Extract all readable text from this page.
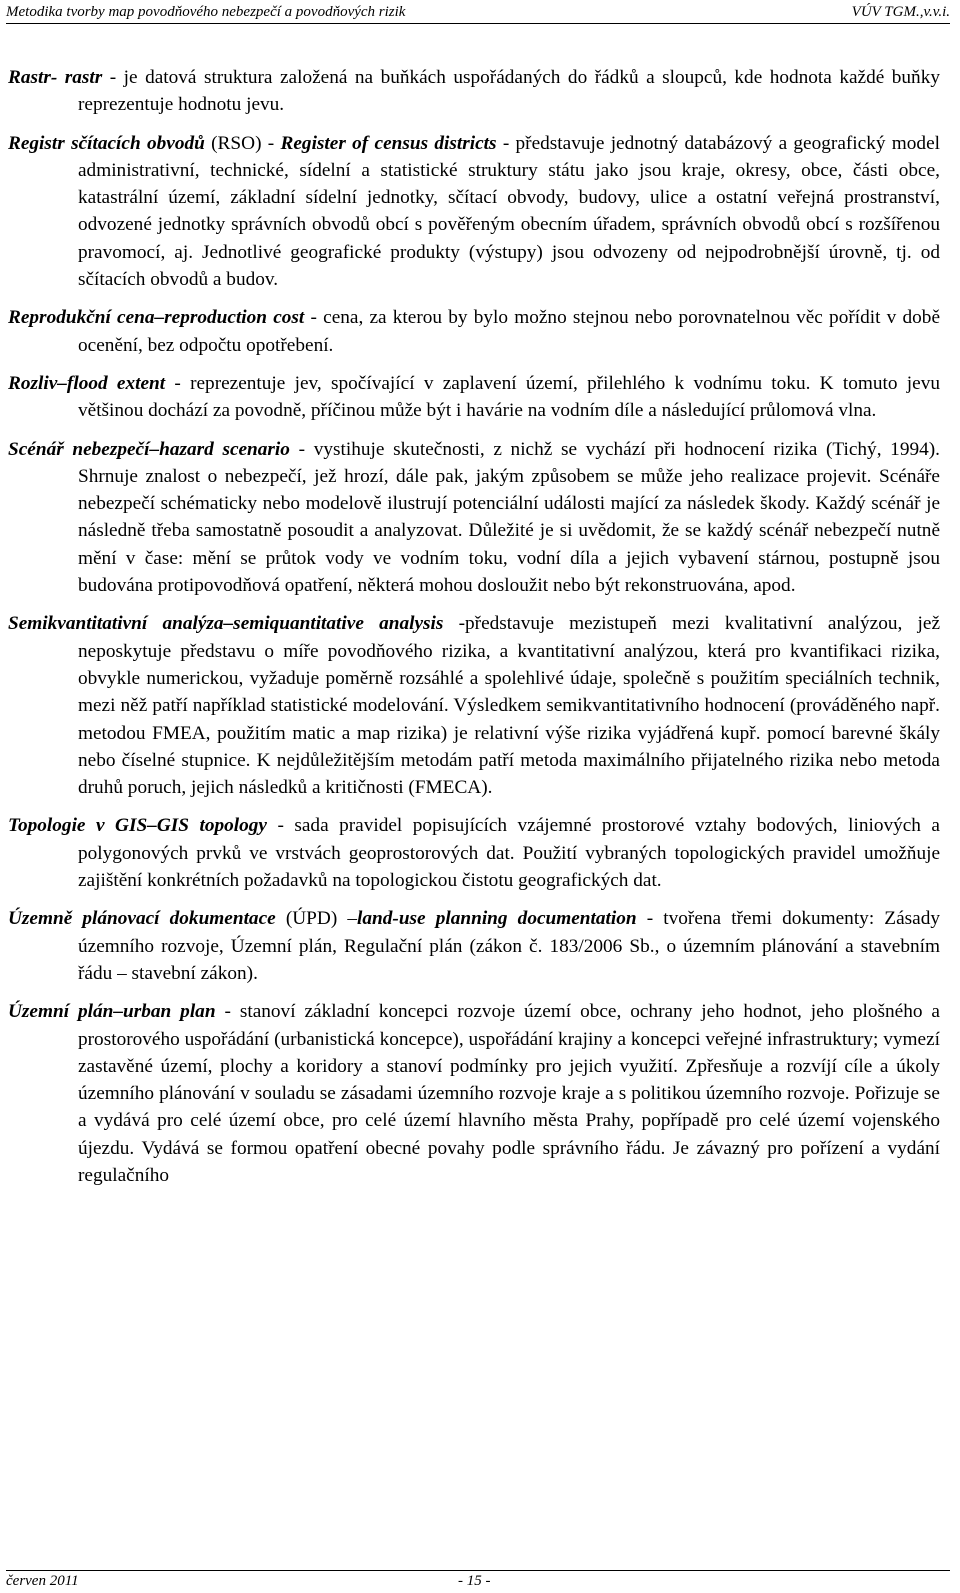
Metodika tvorby map povodňového nebezpečí a povodňových rizik	VÚV TGM.,v.v.i.

Rastr- rastr - je datová struktura založená na buňkách uspořádaných do řádků a sloupců, kde hodnota každé buňky reprezentuje hodnotu jevu.

Registr sčítacích obvodů (RSO) - Register of census districts - představuje jednotný databázový a geografický model administrativní, technické, sídelní a statistické struktury státu jako jsou kraje, okresy, obce, části obce, katastrální území, základní sídelní jednotky, sčítací obvody, budovy, ulice a ostatní veřejná prostranství, odvozené jednotky správních obvodů obcí s pověřeným obecním úřadem, správních obvodů obcí s rozšířenou pravomocí, aj. Jednotlivé geografické produkty (výstupy) jsou odvozeny od nejpodrobnější úrovně, tj. od sčítacích obvodů a budov.

Reprodukční cena–reproduction cost - cena, za kterou by bylo možno stejnou nebo porovnatelnou věc pořídit v době ocenění, bez odpočtu opotřebení.

Rozliv–flood extent - reprezentuje jev, spočívající v zaplavení území, přilehlého k vodnímu toku. K tomuto jevu většinou dochází za povodně, příčinou může být i havárie na vodním díle a následující průlomová vlna.

Scénář nebezpečí–hazard scenario - vystihuje skutečnosti, z nichž se vychází při hodnocení rizika (Tichý, 1994). Shrnuje znalost o nebezpečí, jež hrozí, dále pak, jakým způsobem se může jeho realizace projevit. Scénáře nebezpečí schématicky nebo modelově ilustrují potenciální události mající za následek škody. Každý scénář je následně třeba samostatně posoudit a analyzovat. Důležité je si uvědomit, že se každý scénář nebezpečí nutně mění v čase: mění se průtok vody ve vodním toku, vodní díla a jejich vybavení stárnou, postupně jsou budována protipovodňová opatření, některá mohou dosloužit nebo být rekonstruována, apod.

Semikvantitativní analýza–semiquantitative analysis -představuje mezistupeň mezi kvalitativní analýzou, jež neposkytuje představu o míře povodňového rizika, a kvantitativní analýzou, která pro kvantifikaci rizika, obvykle numerickou, vyžaduje poměrně rozsáhlé a spolehlivé údaje, společně s použitím speciálních technik, mezi něž patří například statistické modelování. Výsledkem semikvantitativního hodnocení (prováděného např. metodou FMEA, použitím matic a map rizika) je relativní výše rizika vyjádřená kupř. pomocí barevné škály nebo číselné stupnice. K nejdůležitějším metodám patří metoda maximálního přijatelného rizika nebo metoda druhů poruch, jejich následků a kritičnosti (FMECA).

Topologie v GIS–GIS topology - sada pravidel popisujících vzájemné prostorové vztahy bodových, liniových a polygonových prvků ve vrstvách geoprostorových dat. Použití vybraných topologických pravidel umožňuje zajištění konkrétních požadavků na topologickou čistotu geografických dat.

Územně plánovací dokumentace (ÚPD) –land-use planning documentation - tvořena třemi dokumenty: Zásady územního rozvoje, Územní plán, Regulační plán (zákon č. 183/2006 Sb., o územním plánování a stavebním řádu – stavební zákon).

Územní plán–urban plan - stanoví základní koncepci rozvoje území obce, ochrany jeho hodnot, jeho plošného a prostorového uspořádání (urbanistická koncepce), uspořádání krajiny a koncepci veřejné infrastruktury; vymezí zastavěné území, plochy a koridory a stanoví podmínky pro jejich využití. Zpřesňuje a rozvíjí cíle a úkoly územního plánování v souladu se zásadami územního rozvoje kraje a s politikou územního rozvoje. Pořizuje se a vydává pro celé území obce, pro celé území hlavního města Prahy, popřípadě pro celé území vojenského újezdu. Vydává se formou opatření obecné povahy podle správního řádu. Je závazný pro pořízení a vydání regulačního

červen 2011	- 15 -
